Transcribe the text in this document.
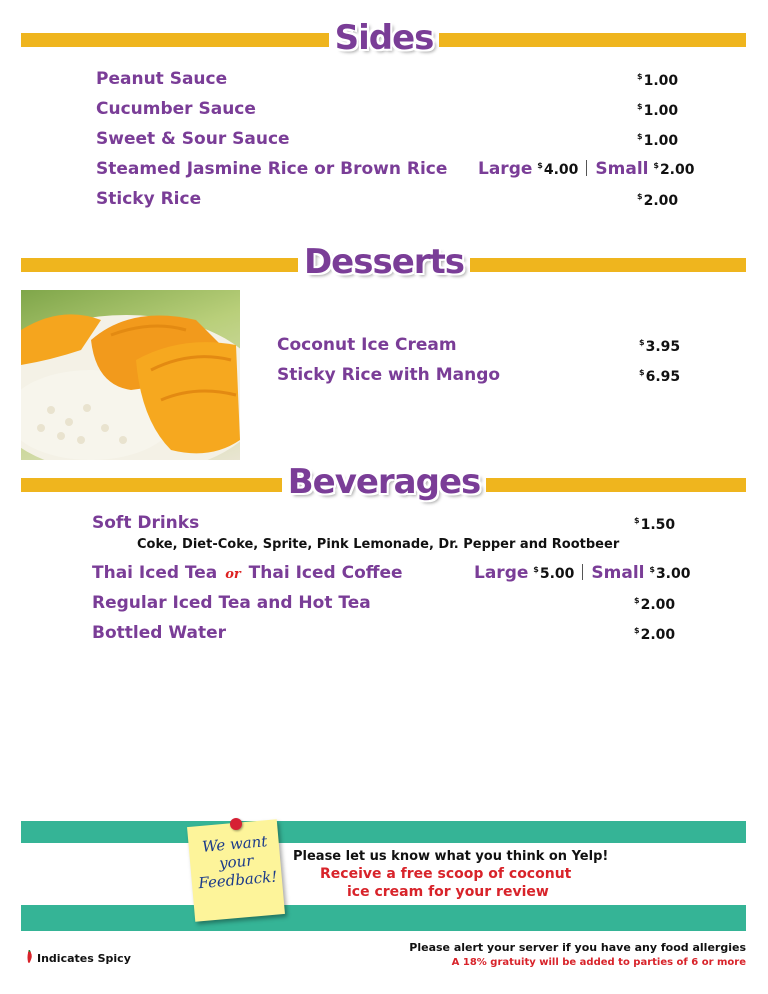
Sides
Peanut Sauce	$1.00
Cucumber Sauce	$1.00
Sweet & Sour Sauce	$1.00
Steamed Jasmine Rice or Brown Rice Large $4.00 Small $2.00
Sticky Rice	$2.00
Desserts
Coconut Ice Cream	$3.95
Sticky Rice with Mango	$6.95
Beverages
Soft Drinks	$1.50
Coke, Diet-Coke, Sprite, Pink Lemonade, Dr. Pepper and Rootbeer
Thai Iced Tea or Thai Iced Coffee	Large $5.00 Small $3.00
Regular Iced Tea and Hot Tea	$2.00
Bottled Water	$2.00
We want your Feedback!
Please let us know what you think on Yelp!
Receive a free scoop of coconut
ice cream for your review
Indicates Spicy
Please alert your server if you have any food allergies
A 18% gratuity will be added to parties of 6 or more
